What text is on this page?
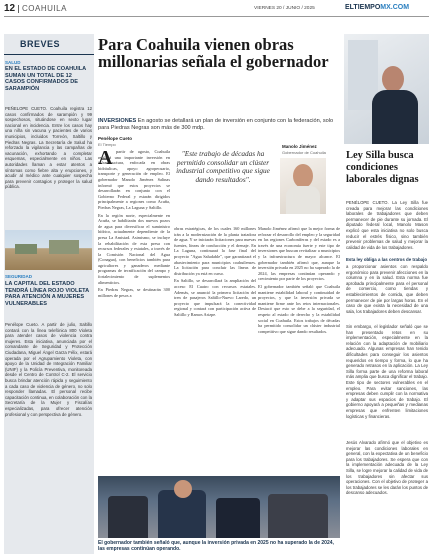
12 COAHUILA	VIERNES 20 / JUNIO / 2025	ELTIEMPOMX.COM
BREVES
SALUD
EN EL ESTADO DE COAHUILA SUMAN UN TOTAL DE 12 CASOS CONFIRMADOS DE SARAMPIÓN
PEÑELOPE CUETO. Coahuila registra 12 casos confirmados de sarampión y 99 sospechosos, situándose en sexto lugar nacional en incidencia. Entre los casos hay una niña sin vacuna y pacientes de varios municipios, incluidos Torreón, Saltillo y Piedras Negras. La Secretaría de Salud ha reforzado la vigilancia y las campañas de vacunación, exhortando a completar esquemas, especialmente en niños. Las autoridades llaman a estar atentos a síntomas como fiebre alta y erupciones, y acudir al médico ante cualquier sospecha para prevenir contagios y proteger la salud pública.
SEGURIDAD
LA CAPITAL DEL ESTADO TENDRÁ LÍNEA ROJO VIOLETA PARA ATENCIÓN A MUJERES VULNERABLES
Penélope Cueto. A partir de julio, Saltillo contará con la línea telefónica 800 Violeta para atender casos de violencia contra mujeres. Esta iniciativa, anunciada por el comandante de Seguridad y Protección Ciudadana, Miguel Ángel Garza Félix, estará operada por el Agrupamiento Violeta, con apoyo de la Unidad de Integración Familiar (UNIF) y la Policía Preventiva, monitoreada desde el Centro de Control C-2. El servicio busca brindar atención rápida y seguimiento a cada caso de violencia de género, no solo responder llamadas. El personal recibe capacitación continua, en colaboración con la Secretaría de la Mujer y Fiscalías especializadas, para ofrecer atención profesional y con perspectiva de género.
Para Coahuila vienen obras millonarias señala el gobernador
INVERSIONES En agosto se detallará un plan de inversión en conjunto con la federación, solo para Piedras Negras son más de 300 mdp.
Penélope Cueto
El Tiempo
A partir de agosto, Coahuila recibirá una importante inversión en infraestructura, enfocada en obras hidráulicas, apoyo agropecuario, transporte y generación de empleo. El gobernador Manolo Jiménez Salinas informó que estos proyectos se desarrollarán en conjunto con el Gobierno Federal y estarán dirigidos principalmente a regiones como Acuña, Piedras Negras, La Laguna y Saltillo.

En la región norte, especialmente en Acuña, se habilitarán dos nuevos pozos de agua para diversificar el suministro hídrico, actualmente dependiente de la presa La Amistad. Asimismo, se incluye la rehabilitación de esta presa con recursos federales y estatales, a través de la Comisión Nacional del Agua (Conagua), con beneficios también para agricultores y ganaderos mediante programas de tecnificación del campo y fortalecimiento de suplementos alimenticios.

En Piedras Negras, se destinarán 300 millones de pesos a

"Este trabajo de décadas ha permitido consolidar un clúster industrial competitivo que sigue dando resultados".

obras estratégicas, de los cuales 160 millones irán a la modernización de la planta tratadora de agua. Y se iniciarán licitaciones para nuevas fuentes, líneas de conducción y el drenaje. En La Laguna, continuará la fase final del proyecto "Agua Saludable", que garantizará el abastecimiento para municipios coahuilenses. La licitación para concluir las líneas de distribución ya está en curso.

En Saltillo, se desarrollará la ampliación del acceso El Cuatro con recursos estatales. Además, se anunció la primera licitación del tren de pasajeros Saltillo-Nuevo Laredo, un proyecto que impulsará la conectividad regional y contará con participación activa de Saltillo y Ramos Arizpe.

Manolo Jiménez
Gobernador de Coahuila

Manolo Jiménez afirmó que la mejor forma de reforzar el desarrollo del empleo y la seguridad en las regiones Carboníferas y del estado es a través de una economía fuerte y este tipo de inversiones que buscan revitalizar a municipios y la infraestructura de mayor alcance. El gobernador también afirmó que, aunque la inversión privada en 2025 no ha superado la de 2024, las empresas continúan operando y crecimiento por parte de los proyectos.

El gobernador también señaló que Coahuila mantiene estabilidad laboral y continuidad de proyectos, y que la inversión privada se mantiene firme ante los retos internacionales. Destacó que esto se debe a la seguridad, el respeto al estado de derecho y la estabilidad social en Coahuila. Estos trabajos de décadas ha permitido consolidar un clúster industrial competitivo que sigue dando resultados.

El gobernador también señaló que, aunque la inversión privada en 2025 no ha superado la de 2024, las empresas continúan operando.
Ley Silla busca condiciones laborales dignas
PENÉLOPE CUETO. La Ley Silla fue creada para mejorar las condiciones laborales de trabajadores que deben permanecer de pie durante su jornada. El diputado federal local, Manolo Mason explicó que esta iniciativa no solo busca reducir el estrés físico, sino también prevenir problemas de salud y mejorar la calidad de vida de los trabajadores.
Esta ley obliga a las centros de trabajo
a proporcionar asientos con respaldo ergonómico para prevenir afecciones en la columna y en la salud. Esta norma fue aprobada principalmente para el personal de comercio, como tiendas y establecimientos de comida, que deben permanecer de pie por largas horas. En el caso de que exista la necesidad de una sala, los trabajadores deben descansar.
Sin embargo, el legislador señaló que se han presentado retos en su implementación, especialmente en la relación con la adaptación de mobiliario adecuado. Algunas empresas han tenido dificultades para conseguir los asientos requeridos en tiempo y forma, lo que ha generado retrasos en la aplicación. La Ley Silla forma parte de una reforma laboral más amplia que busca dignificar el trabajo. Este tipo de sectores vulnerables en el empleo. Para evitar sanciones, las empresas deben cumplir con la normativa y adaptar sus espacios de trabajo. El gobierno apoyará a pequeñas y medianas empresas que enfrenten limitaciones logísticas y financieras.
Jesús Alvarado afirmó que el objetivo es mejorar las condiciones laborales en general, con la expectativa de un beneficio para los trabajadores. Se espera que con la implementación adecuada de la Ley Silla, se logre mejorar la calidad de vida de los trabajadores sin afectar sus operaciones. Con el objetivo de proteger a los trabajadores se les darán los puntos de descanso adecuados.
